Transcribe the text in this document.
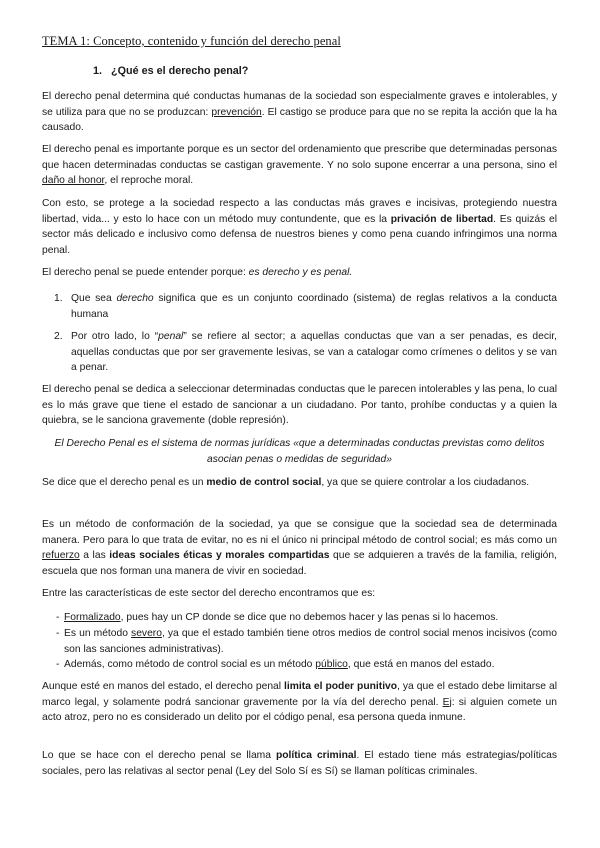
TEMA 1: Concepto, contenido y función del derecho penal
1. ¿Qué es el derecho penal?

El derecho penal determina qué conductas humanas de la sociedad son especialmente graves e intolerables, y se utiliza para que no se produzcan: prevención. El castigo se produce para que no se repita la acción que la ha causado.

El derecho penal es importante porque es un sector del ordenamiento que prescribe que determinadas personas que hacen determinadas conductas se castigan gravemente. Y no solo supone encerrar a una persona, sino el daño al honor, el reproche moral.

Con esto, se protege a la sociedad respecto a las conductas más graves e incisivas, protegiendo nuestra libertad, vida... y esto lo hace con un método muy contundente, que es la privación de libertad. Es quizás el sector más delicado e inclusivo como defensa de nuestros bienes y como pena cuando infringimos una norma penal.

El derecho penal se puede entender porque: es derecho y es penal.

1. Que sea derecho significa que es un conjunto coordinado (sistema) de reglas relativos a la conducta humana
2. Por otro lado, lo “penal” se refiere al sector; a aquellas conductas que van a ser penadas, es decir, aquellas conductas que por ser gravemente lesivas, se van a catalogar como crímenes o delitos y se van a penar.

El derecho penal se dedica a seleccionar determinadas conductas que le parecen intolerables y las pena, lo cual es lo más grave que tiene el estado de sancionar a un ciudadano. Por tanto, prohíbe conductas y a quien la quiebra, se le sanciona gravemente (doble represión).

El Derecho Penal es el sistema de normas jurídicas «que a determinadas conductas previstas como delitos asocian penas o medidas de seguridad»

Se dice que el derecho penal es un medio de control social, ya que se quiere controlar a los ciudadanos.

Es un método de conformación de la sociedad, ya que se consigue que la sociedad sea de determinada manera. Pero para lo que trata de evitar, no es ni el único ni principal método de control social; es más como un refuerzo a las ideas sociales éticas y morales compartidas que se adquieren a través de la familia, religión, escuela que nos forman una manera de vivir en sociedad.

Entre las características de este sector del derecho encontramos que es:

- Formalizado, pues hay un CP donde se dice que no debemos hacer y las penas si lo hacemos.
- Es un método severo, ya que el estado también tiene otros medios de control social menos incisivos (como son las sanciones administrativas).
- Además, como método de control social es un método público, que está en manos del estado.

Aunque esté en manos del estado, el derecho penal limita el poder punitivo, ya que el estado debe limitarse al marco legal, y solamente podrá sancionar gravemente por la vía del derecho penal. Ej: si alguien comete un acto atroz, pero no es considerado un delito por el código penal, esa persona queda inmune.

Lo que se hace con el derecho penal se llama política criminal. El estado tiene más estrategias/políticas sociales, pero las relativas al sector penal (Ley del Solo Sí es Sí) se llaman políticas criminales.
